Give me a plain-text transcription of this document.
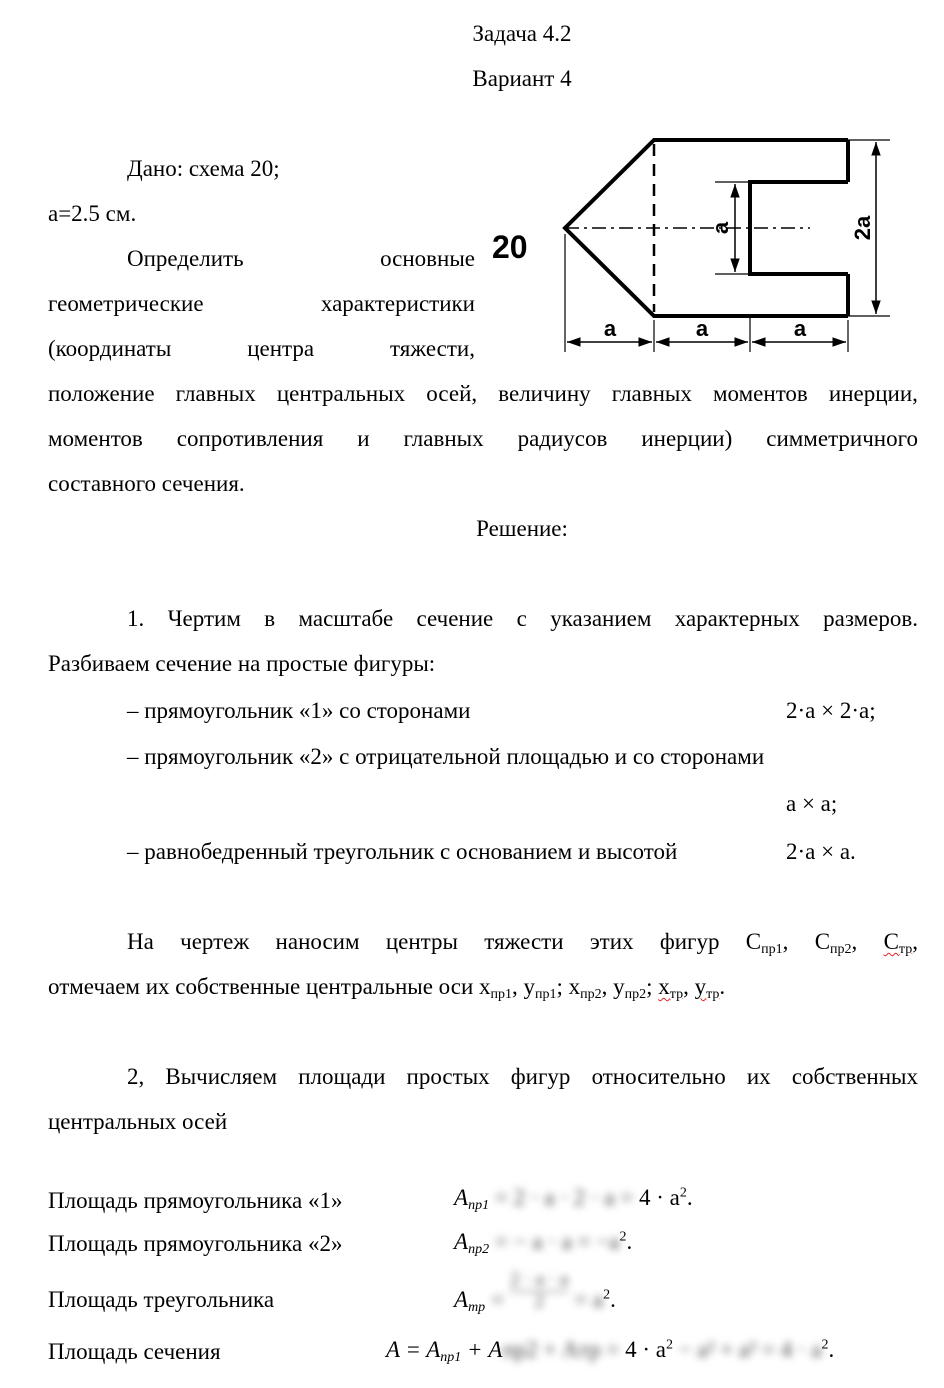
Задача 4.2
Вариант 4
Дано: схема 20;
a=2.5 см.
Определить	основные
геометрические	характеристики
(координаты	центра	тяжести,
положение главных центральных осей, величину главных моментов инерции,
моментов сопротивления и главных радиусов инерции) симметричного
составного сечения.
20
a	a	a
a	2a
Решение:
1. Чертим в масштабе сечение с указанием характерных размеров.
Разбиваем сечение на простые фигуры:
– прямоугольник «1» со сторонами	2·a × 2·a;
– прямоугольник «2» с отрицательной площадью и со сторонами
a × a;
– равнобедренный треугольник с основанием и высотой	2·a × a.
На чертеж наносим центры тяжести этих фигур $C_{пр1}$, $C_{пр2}$, $C_{тр}$,
отмечаем их собственные центральные оси $x_{пр1}$, $y_{пр1}$; $x_{пр2}$, $y_{пр2}$; $x_{тр}$, $y_{тр}$.
2, Вычисляем площади простых фигур относительно их собственных
центральных осей
Площадь прямоугольника «1»	$A_{пр1} = 2 \cdot a \cdot 2 \cdot a = 4 \cdot a^2$.
Площадь прямоугольника «2»	$A_{пр2}$ = − $a \cdot a = -a^2$.
Площадь треугольника	$A_{тр} = \frac{2 \cdot a \cdot a}{2} = a^2$.
Площадь сечения	$A = A_{пр1} + Aпр2$ + Aтр = $4 \cdot a^2 - a^2 + a^2 = 4 \cdot a^2$.
